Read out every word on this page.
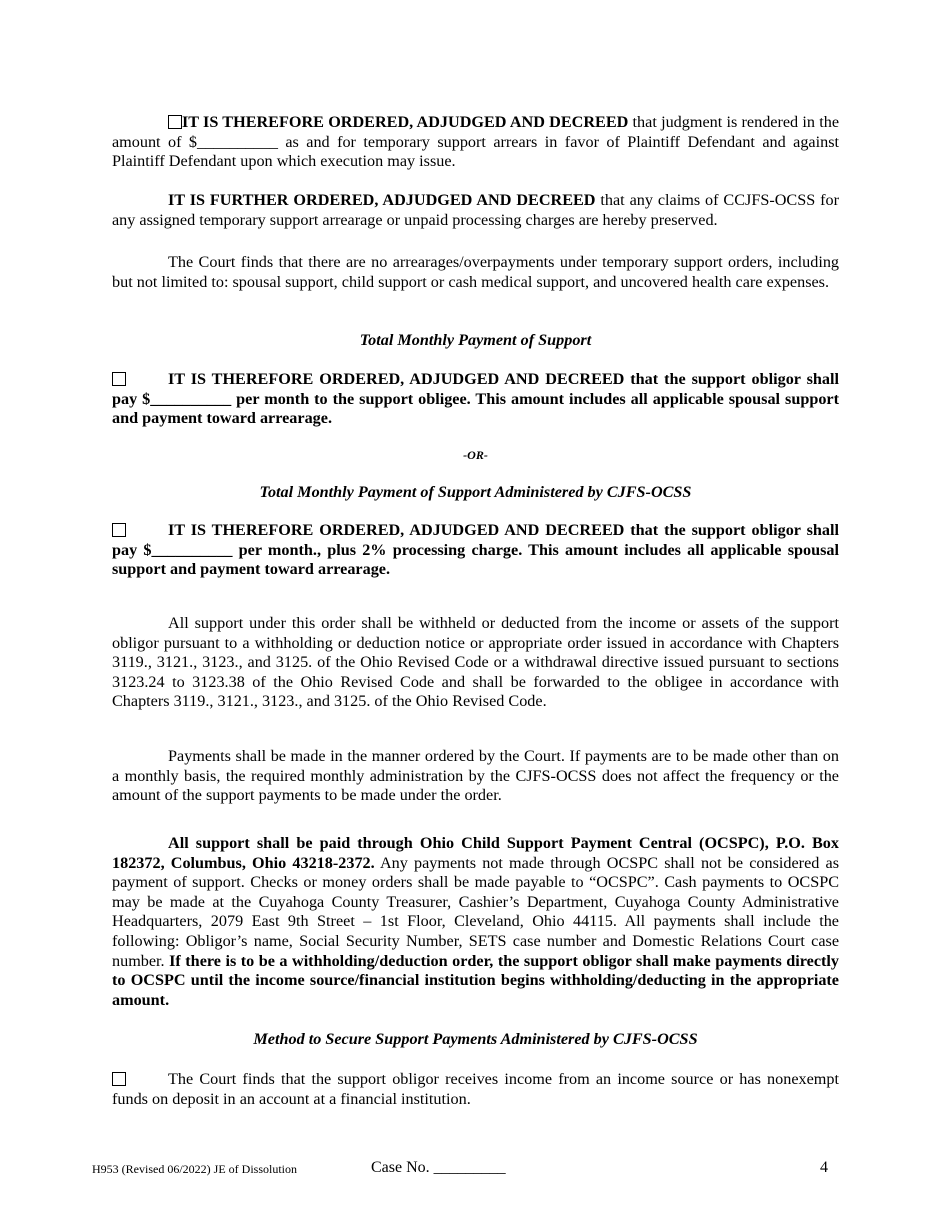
IT IS THEREFORE ORDERED, ADJUDGED AND DECREED that judgment is rendered in the amount of $__________ as and for temporary support arrears in favor of Plaintiff Defendant and against Plaintiff Defendant upon which execution may issue.

IT IS FURTHER ORDERED, ADJUDGED AND DECREED that any claims of CCJFS-OCSS for any assigned temporary support arrearage or unpaid processing charges are hereby preserved.

The Court finds that there are no arrearages/overpayments under temporary support orders, including but not limited to: spousal support, child support or cash medical support, and uncovered health care expenses.

Total Monthly Payment of Support

IT IS THEREFORE ORDERED, ADJUDGED AND DECREED that the support obligor shall pay $__________ per month to the support obligee. This amount includes all applicable spousal support and payment toward arrearage.

-OR-

Total Monthly Payment of Support Administered by CJFS-OCSS

IT IS THEREFORE ORDERED, ADJUDGED AND DECREED that the support obligor shall pay $__________ per month., plus 2% processing charge. This amount includes all applicable spousal support and payment toward arrearage.

All support under this order shall be withheld or deducted from the income or assets of the support obligor pursuant to a withholding or deduction notice or appropriate order issued in accordance with Chapters 3119., 3121., 3123., and 3125. of the Ohio Revised Code or a withdrawal directive issued pursuant to sections 3123.24 to 3123.38 of the Ohio Revised Code and shall be forwarded to the obligee in accordance with Chapters 3119., 3121., 3123., and 3125. of the Ohio Revised Code.

Payments shall be made in the manner ordered by the Court. If payments are to be made other than on a monthly basis, the required monthly administration by the CJFS-OCSS does not affect the frequency or the amount of the support payments to be made under the order.

All support shall be paid through Ohio Child Support Payment Central (OCSPC), P.O. Box 182372, Columbus, Ohio 43218-2372. Any payments not made through OCSPC shall not be considered as payment of support. Checks or money orders shall be made payable to “OCSPC”. Cash payments to OCSPC may be made at the Cuyahoga County Treasurer, Cashier’s Department, Cuyahoga County Administrative Headquarters, 2079 East 9th Street – 1st Floor, Cleveland, Ohio 44115. All payments shall include the following: Obligor’s name, Social Security Number, SETS case number and Domestic Relations Court case number. If there is to be a withholding/deduction order, the support obligor shall make payments directly to OCSPC until the income source/financial institution begins withholding/deducting in the appropriate amount.

Method to Secure Support Payments Administered by CJFS-OCSS

The Court finds that the support obligor receives income from an income source or has nonexempt funds on deposit in an account at a financial institution.

H953 (Revised 06/2022) JE of Dissolution	Case No. _________	4
